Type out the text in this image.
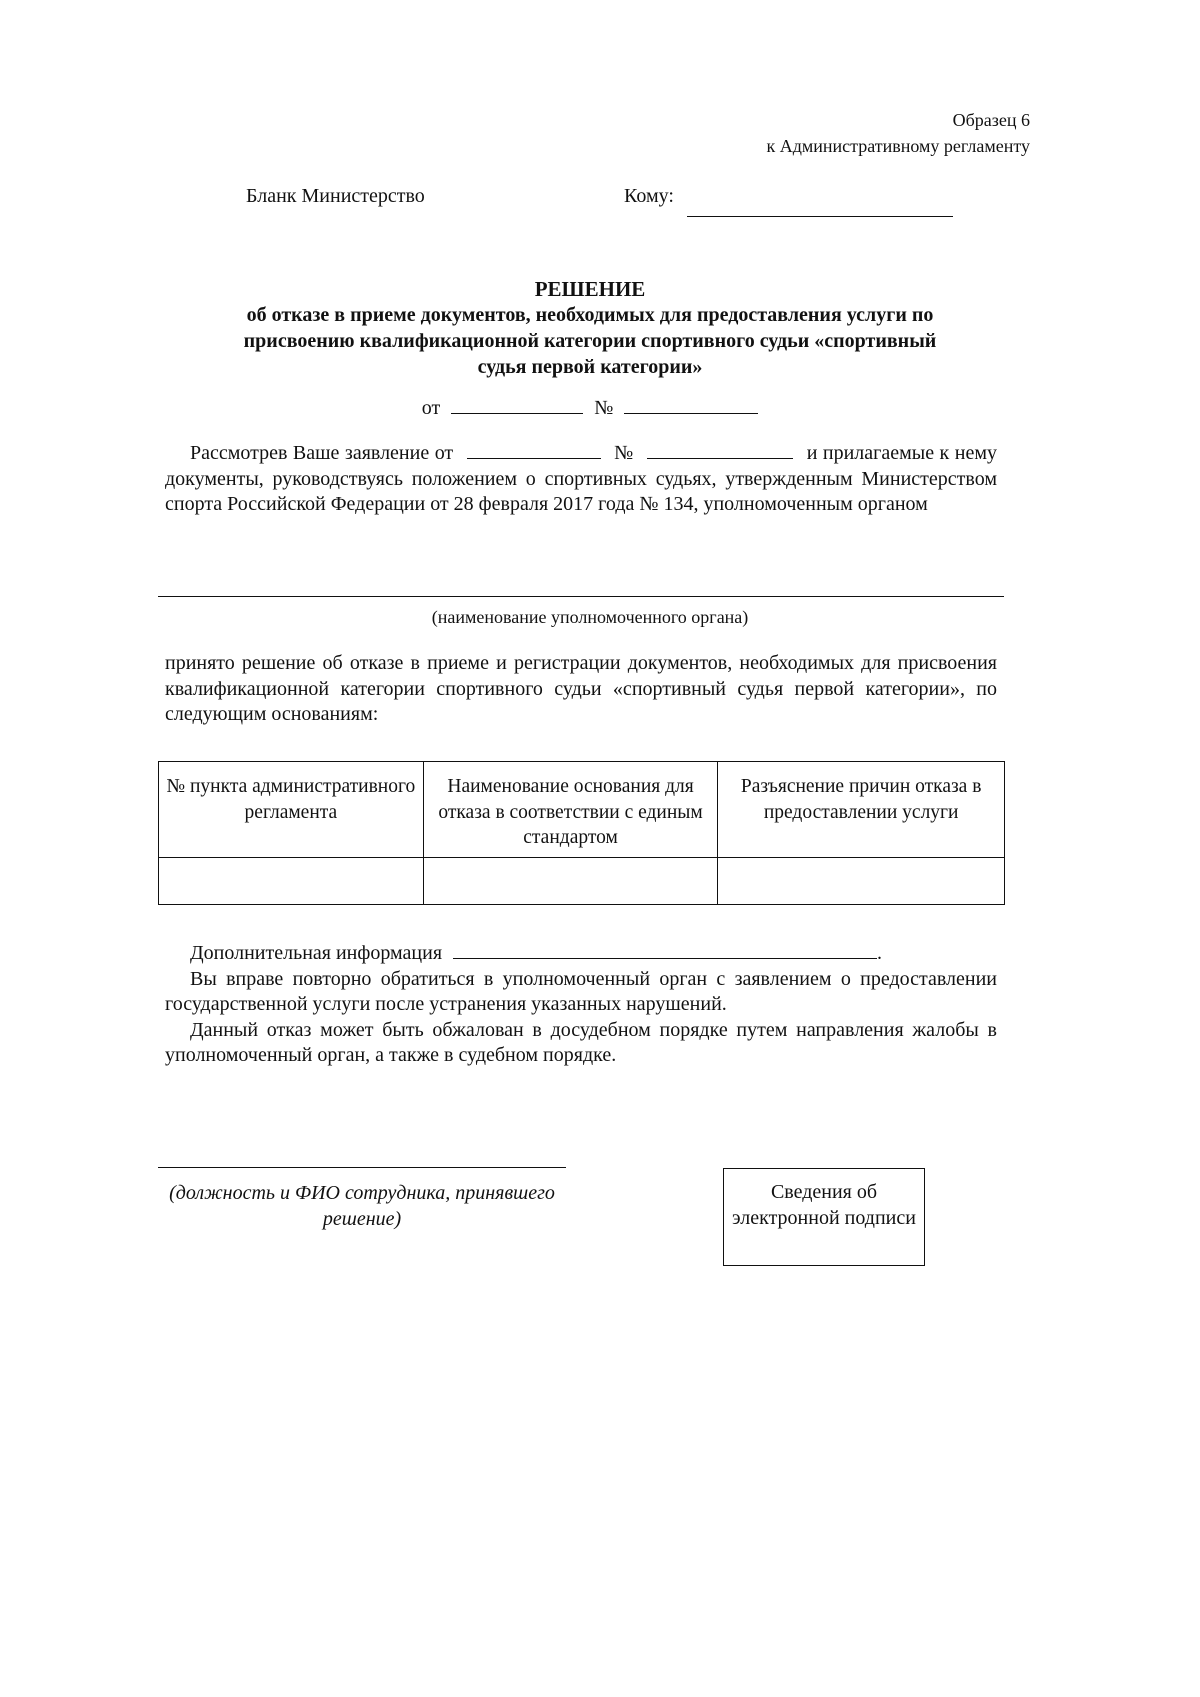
Образец 6
к Административному регламенту
Бланк Министерство	Кому:
РЕШЕНИЕ
об отказе в приеме документов, необходимых для предоставления услуги по
присвоению квалификационной категории спортивного судьи «спортивный
судья первой категории»
от	№
Рассмотрев Ваше заявление от	№	и прилагаемые к нему документы, руководствуясь положением о спортивных судьях, утвержденным Министерством спорта Российской Федерации от 28 февраля 2017 года № 134, уполномоченным органом
(наименование уполномоченного органа)
принято решение об отказе в приеме и регистрации документов, необходимых для присвоения квалификационной категории спортивного судьи «спортивный судья первой категории», по следующим основаниям:
№ пункта административного регламента	Наименование основания для отказа в соответствии с единым стандартом	Разъяснение причин отказа в предоставлении услуги

Дополнительная информация	.
Вы вправе повторно обратиться в уполномоченный орган с заявлением о предоставлении государственной услуги после устранения указанных нарушений.
Данный отказ может быть обжалован в досудебном порядке путем направления жалобы в уполномоченный орган, а также в судебном порядке.
(должность и ФИО сотрудника, принявшего решение)
Сведения об электронной подписи
